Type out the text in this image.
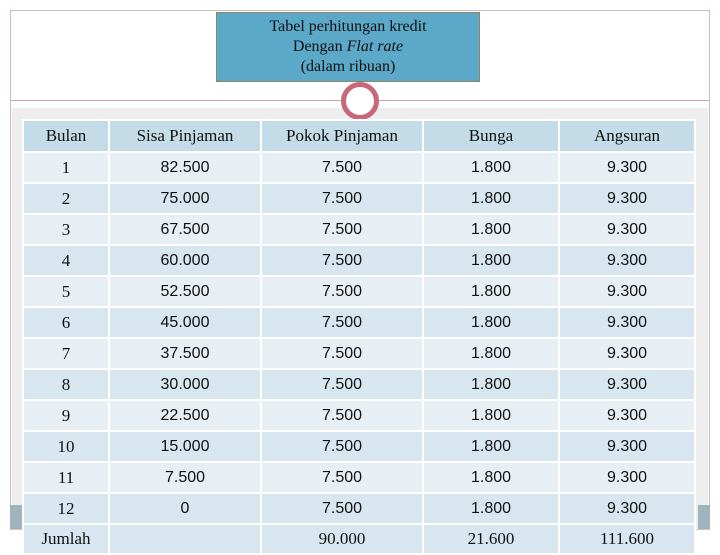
Tabel perhitungan kredit
Dengan Flat rate
(dalam ribuan)
Bulan	Sisa Pinjaman	Pokok Pinjaman	Bunga	Angsuran
1	82.500	7.500	1.800	9.300
2	75.000	7.500	1.800	9.300
3	67.500	7.500	1.800	9.300
4	60.000	7.500	1.800	9.300
5	52.500	7.500	1.800	9.300
6	45.000	7.500	1.800	9.300
7	37.500	7.500	1.800	9.300
8	30.000	7.500	1.800	9.300
9	22.500	7.500	1.800	9.300
10	15.000	7.500	1.800	9.300
11	7.500	7.500	1.800	9.300
12	0	7.500	1.800	9.300
Jumlah		90.000	21.600	111.600
